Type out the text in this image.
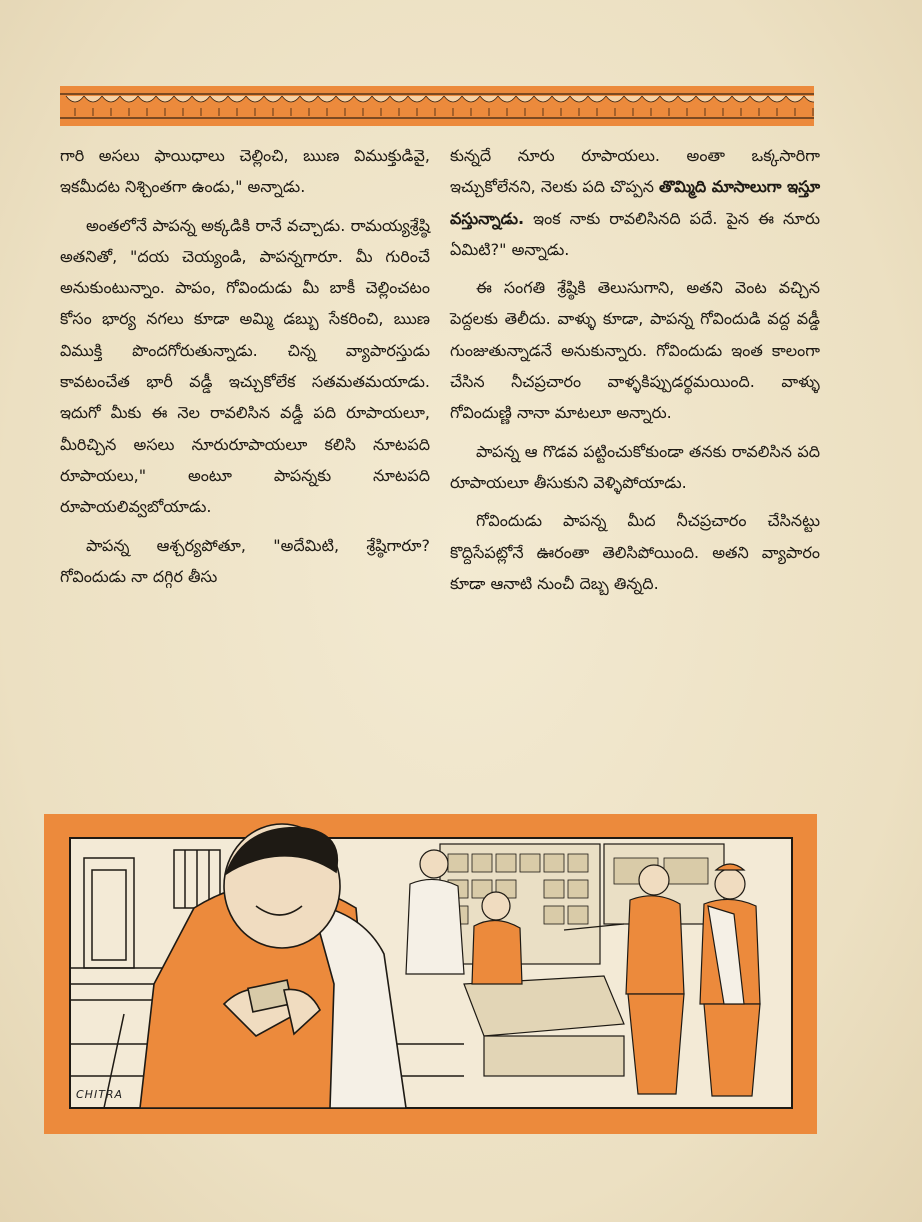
గారి అసలు ఫాయిధాలు చెల్లించి, ఋణ విముక్తుడివై, ఇకమీదట నిశ్చింతగా ఉండు," అన్నాడు.

అంతలోనే పాపన్న అక్కడికి రానే వచ్చాడు. రామయ్యశ్రేష్ఠి అతనితో, "దయ చెయ్యండి, పాపన్నగారూ. మీ గురించే అనుకుంటున్నాం. పాపం, గోవిందుడు మీ బాకీ చెల్లించటం కోసం భార్య నగలు కూడా అమ్మి డబ్బు సేకరించి, ఋణ విముక్తి పొందగోరుతున్నాడు. చిన్న వ్యాపారస్తుడు కావటంచేత భారీ వడ్డీ ఇచ్చుకోలేక సతమతమయాడు. ఇదుగో మీకు ఈ నెల రావలిసిన వడ్డీ పది రూపాయలూ, మీరిచ్చిన అసలు నూరురూపాయలూ కలిసి నూటపది రూపాయలు," అంటూ పాపన్నకు నూటపది రూపాయలివ్వబోయాడు.

పాపన్న ఆశ్చర్యపోతూ, "అదేమిటి, శ్రేష్ఠిగారూ? గోవిందుడు నా దగ్గిర తీసు

కున్నదే నూరు రూపాయలు. అంతా ఒక్కసారిగా ఇచ్చుకోలేనని, నెలకు పది చొప్పన తొమ్మిది మాసాలుగా ఇస్తూ వస్తున్నాడు. ఇంక నాకు రావలిసినది పదే. పైన ఈ నూరు ఏమిటి?" అన్నాడు.

ఈ సంగతి శ్రేష్ఠికి తెలుసుగాని, అతని వెంట వచ్చిన పెద్దలకు తెలీదు. వాళ్ళు కూడా, పాపన్న గోవిందుడి వద్ద వడ్డీ గుంజుతున్నాడనే అనుకున్నారు. గోవిందుడు ఇంత కాలంగా చేసిన నీచప్రచారం వాళ్ళకిప్పుడర్థమయింది. వాళ్ళు గోవిందుణ్ణి నానా మాటలూ అన్నారు.

పాపన్న ఆ గొడవ పట్టించుకోకుండా తనకు రావలిసిన పది రూపాయలూ తీసుకుని వెళ్ళిపోయాడు.

గోవిందుడు పాపన్న మీద నీచప్రచారం చేసినట్టు కొద్దిసేపట్లోనే ఊరంతా తెలిసిపోయింది. అతని వ్యాపారం కూడా ఆనాటి నుంచీ దెబ్బ తిన్నది.

CHITRA
